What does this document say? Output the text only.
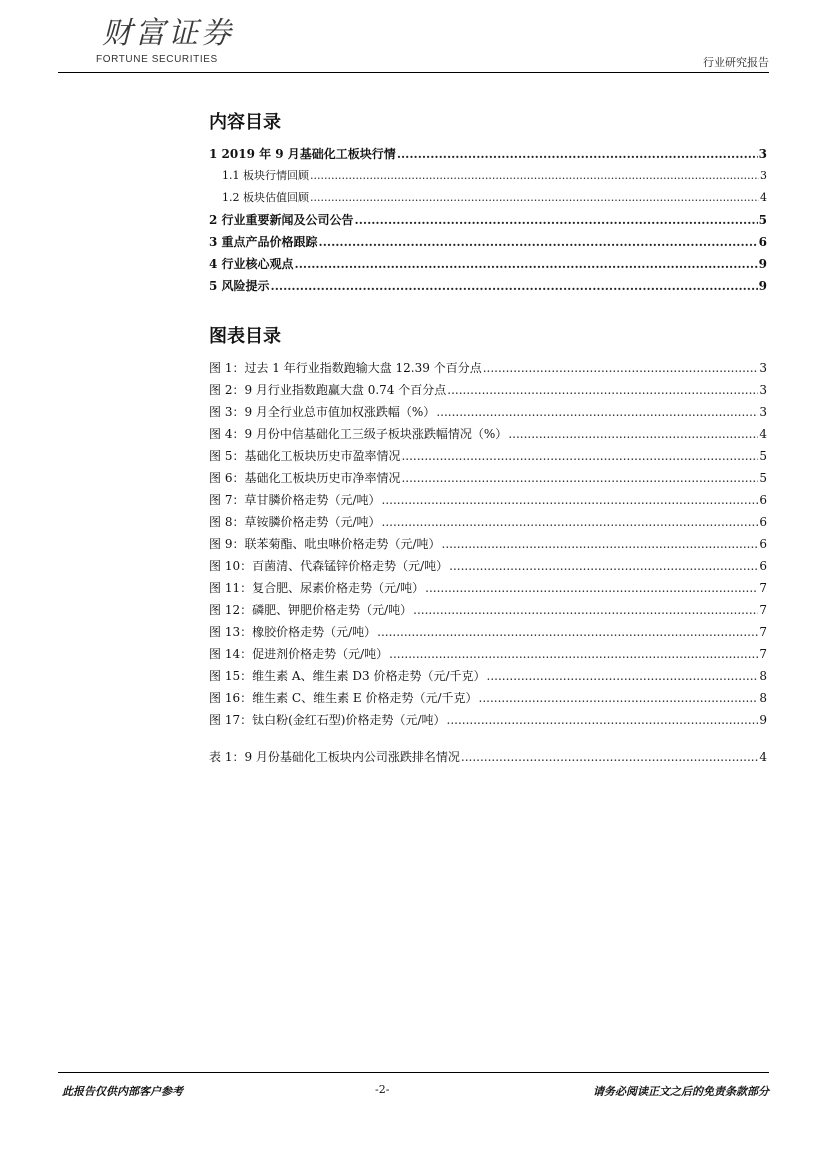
财富证券
FORTUNE SECURITIES	行业研究报告
内容目录
1 2019 年 9 月基础化工板块行情 .....	3
1.1 板块行情回顾 .....	3
1.2 板块估值回顾 .....	4
2 行业重要新闻及公司公告 .....	5
3 重点产品价格跟踪 .....	6
4 行业核心观点 .....	9
5 风险提示 .....	9
图表目录
图 1：过去 1 年行业指数跑输大盘 12.39 个百分点 .....	3
图 2：9 月行业指数跑赢大盘 0.74 个百分点 .....	3
图 3：9 月全行业总市值加权涨跌幅（%） .....	3
图 4：9 月份中信基础化工三级子板块涨跌幅情况（%） .....	4
图 5：基础化工板块历史市盈率情况 .....	5
图 6：基础化工板块历史市净率情况 .....	5
图 7：草甘膦价格走势（元/吨） .....	6
图 8：草铵膦价格走势（元/吨） .....	6
图 9：联苯菊酯、吡虫啉价格走势（元/吨） .....	6
图 10：百菌清、代森锰锌价格走势（元/吨） .....	6
图 11：复合肥、尿素价格走势（元/吨） .....	7
图 12：磷肥、钾肥价格走势（元/吨） .....	7
图 13：橡胶价格走势（元/吨） .....	7
图 14：促进剂价格走势（元/吨） .....	7
图 15：维生素 A、维生素 D3 价格走势（元/千克） .....	8
图 16：维生素 C、维生素 E 价格走势（元/千克） .....	8
图 17：钛白粉(金红石型)价格走势（元/吨） .....	9
表 1：9 月份基础化工板块内公司涨跌排名情况 .....	4
此报告仅供内部客户参考	-2-	请务必阅读正文之后的免责条款部分
